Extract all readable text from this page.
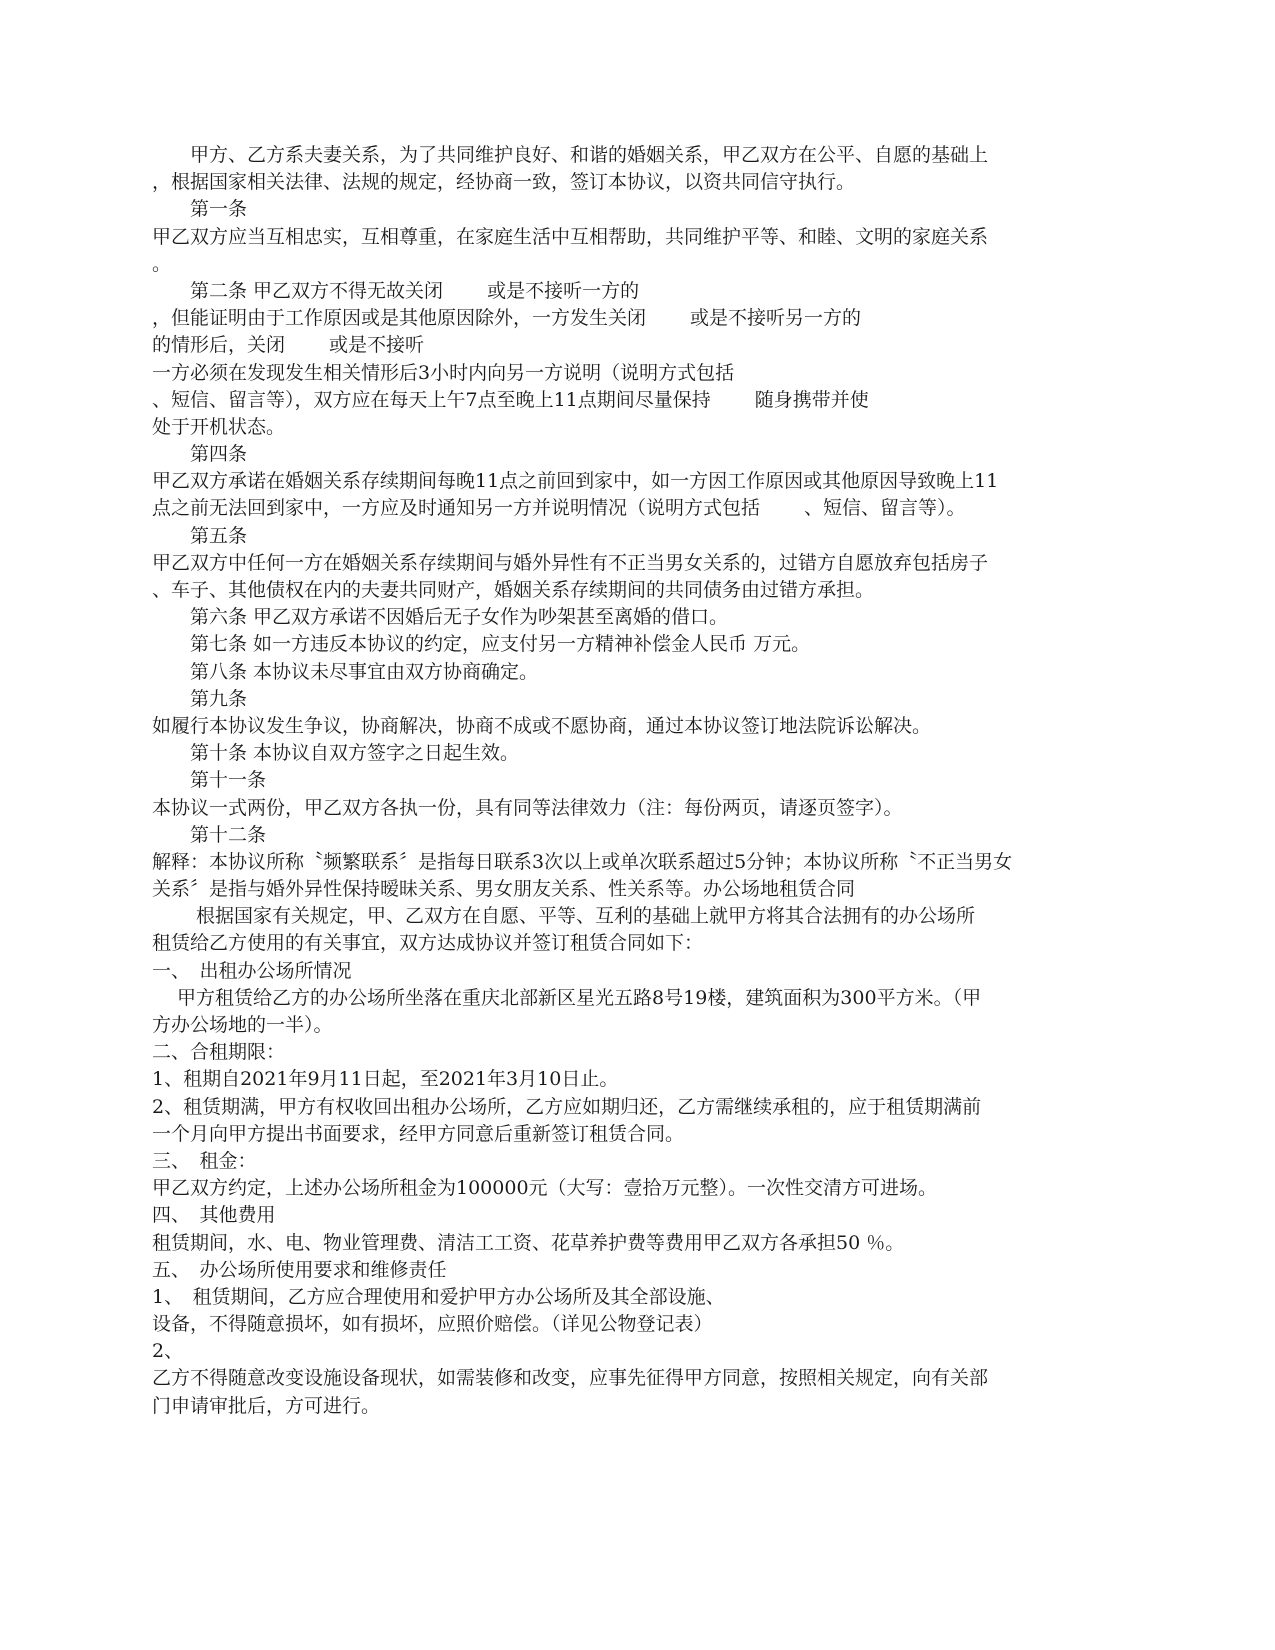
　　甲方、乙方系夫妻关系，为了共同维护良好、和谐的婚姻关系，甲乙双方在公平、自愿的基础上
，根据国家相关法律、法规的规定，经协商一致，签订本协议，以资共同信守执行。
　　第一条
甲乙双方应当互相忠实，互相尊重，在家庭生活中互相帮助，共同维护平等、和睦、文明的家庭关系
。
　　第二条 甲乙双方不得无故关闭　　 或是不接听一方的
，但能证明由于工作原因或是其他原因除外，一方发生关闭　　 或是不接听另一方的
的情形后，关闭　　 或是不接听
一方必须在发现发生相关情形后3小时内向另一方说明（说明方式包括
、短信、留言等），双方应在每天上午7点至晚上11点期间尽量保持　　 随身携带并使
处于开机状态。
　　第四条
甲乙双方承诺在婚姻关系存续期间每晚11点之前回到家中，如一方因工作原因或其他原因导致晚上11
点之前无法回到家中，一方应及时通知另一方并说明情况（说明方式包括　　 、短信、留言等）。
　　第五条
甲乙双方中任何一方在婚姻关系存续期间与婚外异性有不正当男女关系的，过错方自愿放弃包括房子
、车子、其他债权在内的夫妻共同财产，婚姻关系存续期间的共同债务由过错方承担。
　　第六条 甲乙双方承诺不因婚后无子女作为吵架甚至离婚的借口。
　　第七条 如一方违反本协议的约定，应支付另一方精神补偿金人民币 万元。
　　第八条 本协议未尽事宜由双方协商确定。
　　第九条
如履行本协议发生争议，协商解决，协商不成或不愿协商，通过本协议签订地法院诉讼解决。
　　第十条 本协议自双方签字之日起生效。
　　第十一条
本协议一式两份，甲乙双方各执一份，具有同等法律效力（注：每份两页，请逐页签字）。
　　第十二条
解释：本协议所称〝频繁联系〞是指每日联系3次以上或单次联系超过5分钟；本协议所称〝不正当男女
关系〞是指与婚外异性保持暧昧关系、男女朋友关系、性关系等。办公场地租赁合同
　　 根据国家有关规定，甲、乙双方在自愿、平等、互利的基础上就甲方将其合法拥有的办公场所
租赁给乙方使用的有关事宜，双方达成协议并签订租赁合同如下：
一、　出租办公场所情况
　 甲方租赁给乙方的办公场所坐落在重庆北部新区星光五路8号19楼，建筑面积为300平方米。（甲
方办公场地的一半）。
二、合租期限：
1、租期自2021年9月11日起，至2021年3月10日止。
2、租赁期满，甲方有权收回出租办公场所，乙方应如期归还，乙方需继续承租的，应于租赁期满前
一个月向甲方提出书面要求，经甲方同意后重新签订租赁合同。
三、　租金：
甲乙双方约定，上述办公场所租金为100000元（大写：壹拾万元整）。一次性交清方可进场。
四、　其他费用
租赁期间，水、电、物业管理费、清洁工工资、花草养护费等费用甲乙双方各承担50 ％。
五、　办公场所使用要求和维修责任
1、　租赁期间，乙方应合理使用和爱护甲方办公场所及其全部设施、
设备，不得随意损坏，如有损坏，应照价赔偿。（详见公物登记表）
2、
乙方不得随意改变设施设备现状，如需装修和改变，应事先征得甲方同意，按照相关规定，向有关部
门申请审批后，方可进行。
